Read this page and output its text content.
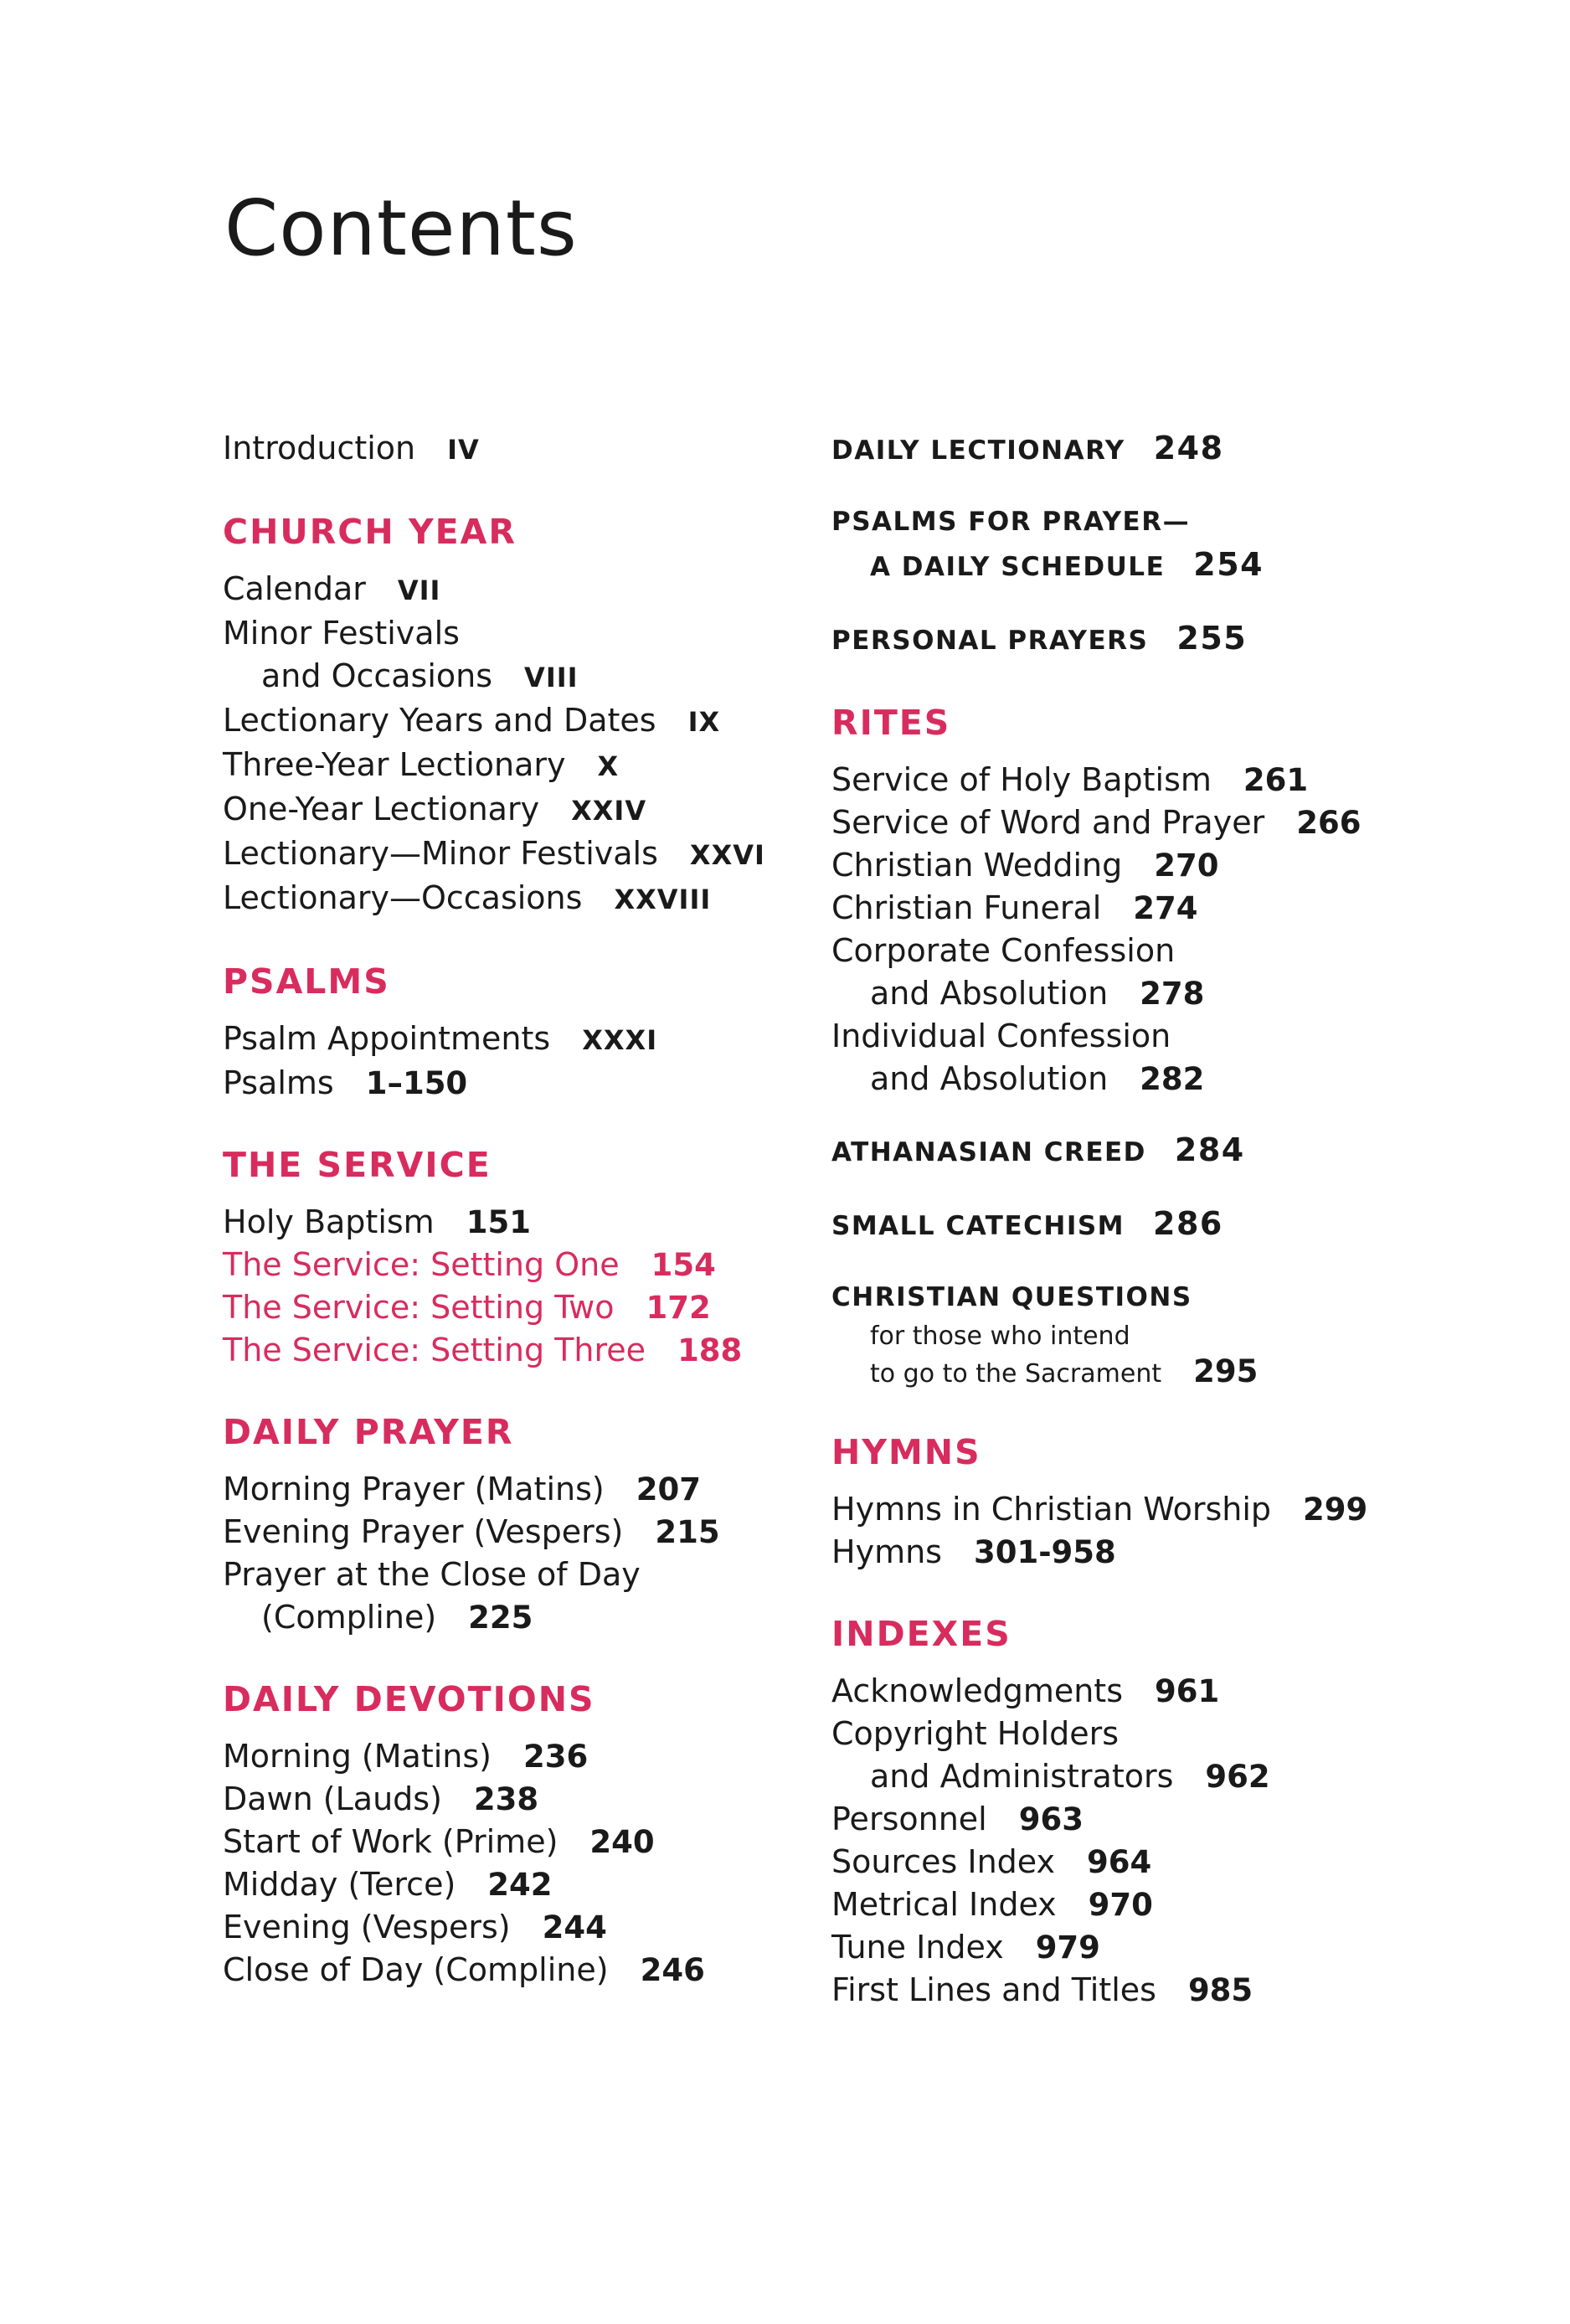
Contents
Introduction IV
CHURCH YEAR
Calendar VII
Minor Festivals
and Occasions VIII
Lectionary Years and Dates IX
Three-Year Lectionary X
One-Year Lectionary XXIV
Lectionary—Minor Festivals XXVI
Lectionary—Occasions XXVIII
PSALMS
Psalm Appointments XXXI
Psalms 1–150
THE SERVICE
Holy Baptism 151
The Service: Setting One 154
The Service: Setting Two 172
The Service: Setting Three 188
DAILY PRAYER
Morning Prayer (Matins) 207
Evening Prayer (Vespers) 215
Prayer at the Close of Day
(Compline) 225
DAILY DEVOTIONS
Morning (Matins) 236
Dawn (Lauds) 238
Start of Work (Prime) 240
Midday (Terce) 242
Evening (Vespers) 244
Close of Day (Compline) 246
DAILY LECTIONARY 248
PSALMS FOR PRAYER—
A DAILY SCHEDULE 254
PERSONAL PRAYERS 255
RITES
Service of Holy Baptism 261
Service of Word and Prayer 266
Christian Wedding 270
Christian Funeral 274
Corporate Confession
and Absolution 278
Individual Confession
and Absolution 282
ATHANASIAN CREED 284
SMALL CATECHISM 286
CHRISTIAN QUESTIONS
for those who intend
to go to the Sacrament 295
HYMNS
Hymns in Christian Worship 299
Hymns 301-958
INDEXES
Acknowledgments 961
Copyright Holders
and Administrators 962
Personnel 963
Sources Index 964
Metrical Index 970
Tune Index 979
First Lines and Titles 985
